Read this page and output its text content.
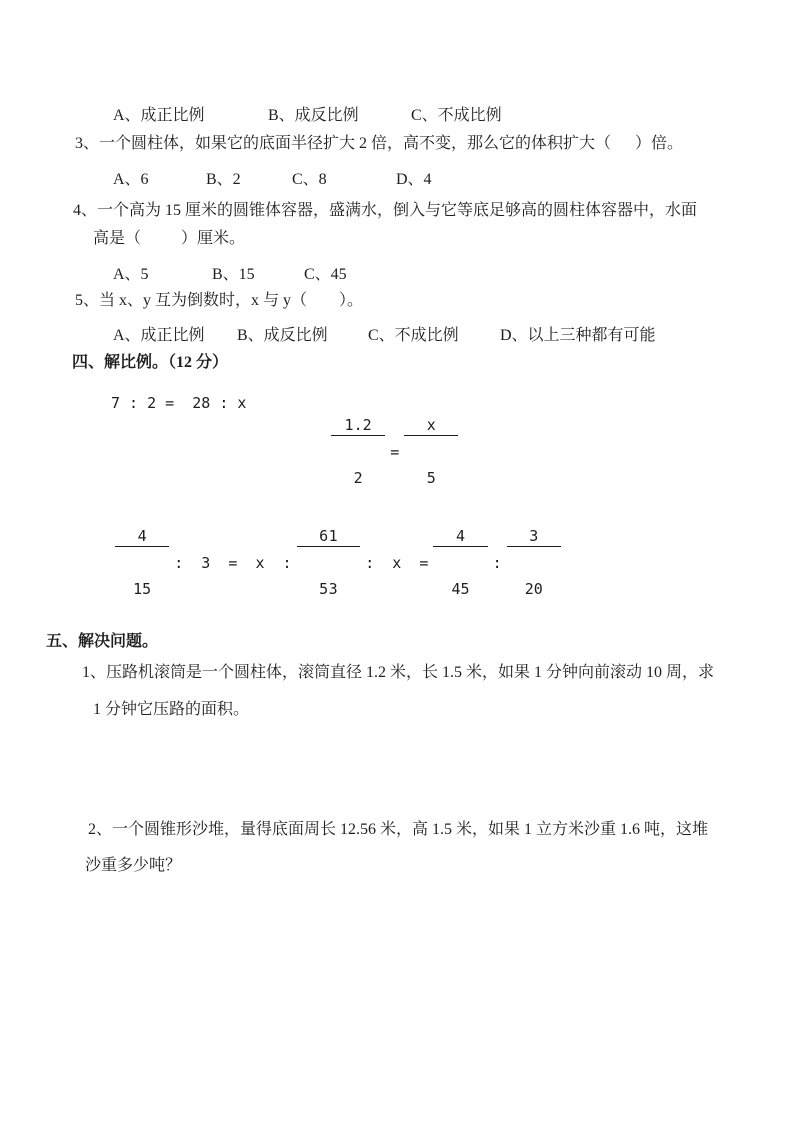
A、成正比例	B、成反比例	C、不成比例
3、一个圆柱体，如果它的底面半径扩大 2 倍，高不变，那么它的体积扩大（      ）倍。
A、6	B、2	C、8	D、4
4、一个高为 15 厘米的圆锥体容器，盛满水，倒入与它等底足够高的圆柱体容器中，水面
高是（          ）厘米。
A、5	B、15	C、45
5、当 x、y 互为倒数时，x 与 y（        ）。
A、成正比例 B、成反比例	C、不成比例	D、以上三种都有可能
四、解比例。（12 分）
7 : 2 =  28 : x

	$\frac{1.2}{2}$

=

$\frac{x}{5}$

$\frac{4}{15}$

:  3  =  x  :

$\frac{6}{5}$

$\frac{1}{3}$

:  x  =

$\frac{4}{45}$

:

$\frac{3}{20}$

五、解决问题。
1、压路机滚筒是一个圆柱体，滚筒直径 1.2 米，长 1.5 米，如果 1 分钟向前滚动 10 周，求
1 分钟它压路的面积。
2、一个圆锥形沙堆，量得底面周长 12.56 米，高 1.5 米，如果 1 立方米沙重 1.6 吨，这堆
沙重多少吨？
